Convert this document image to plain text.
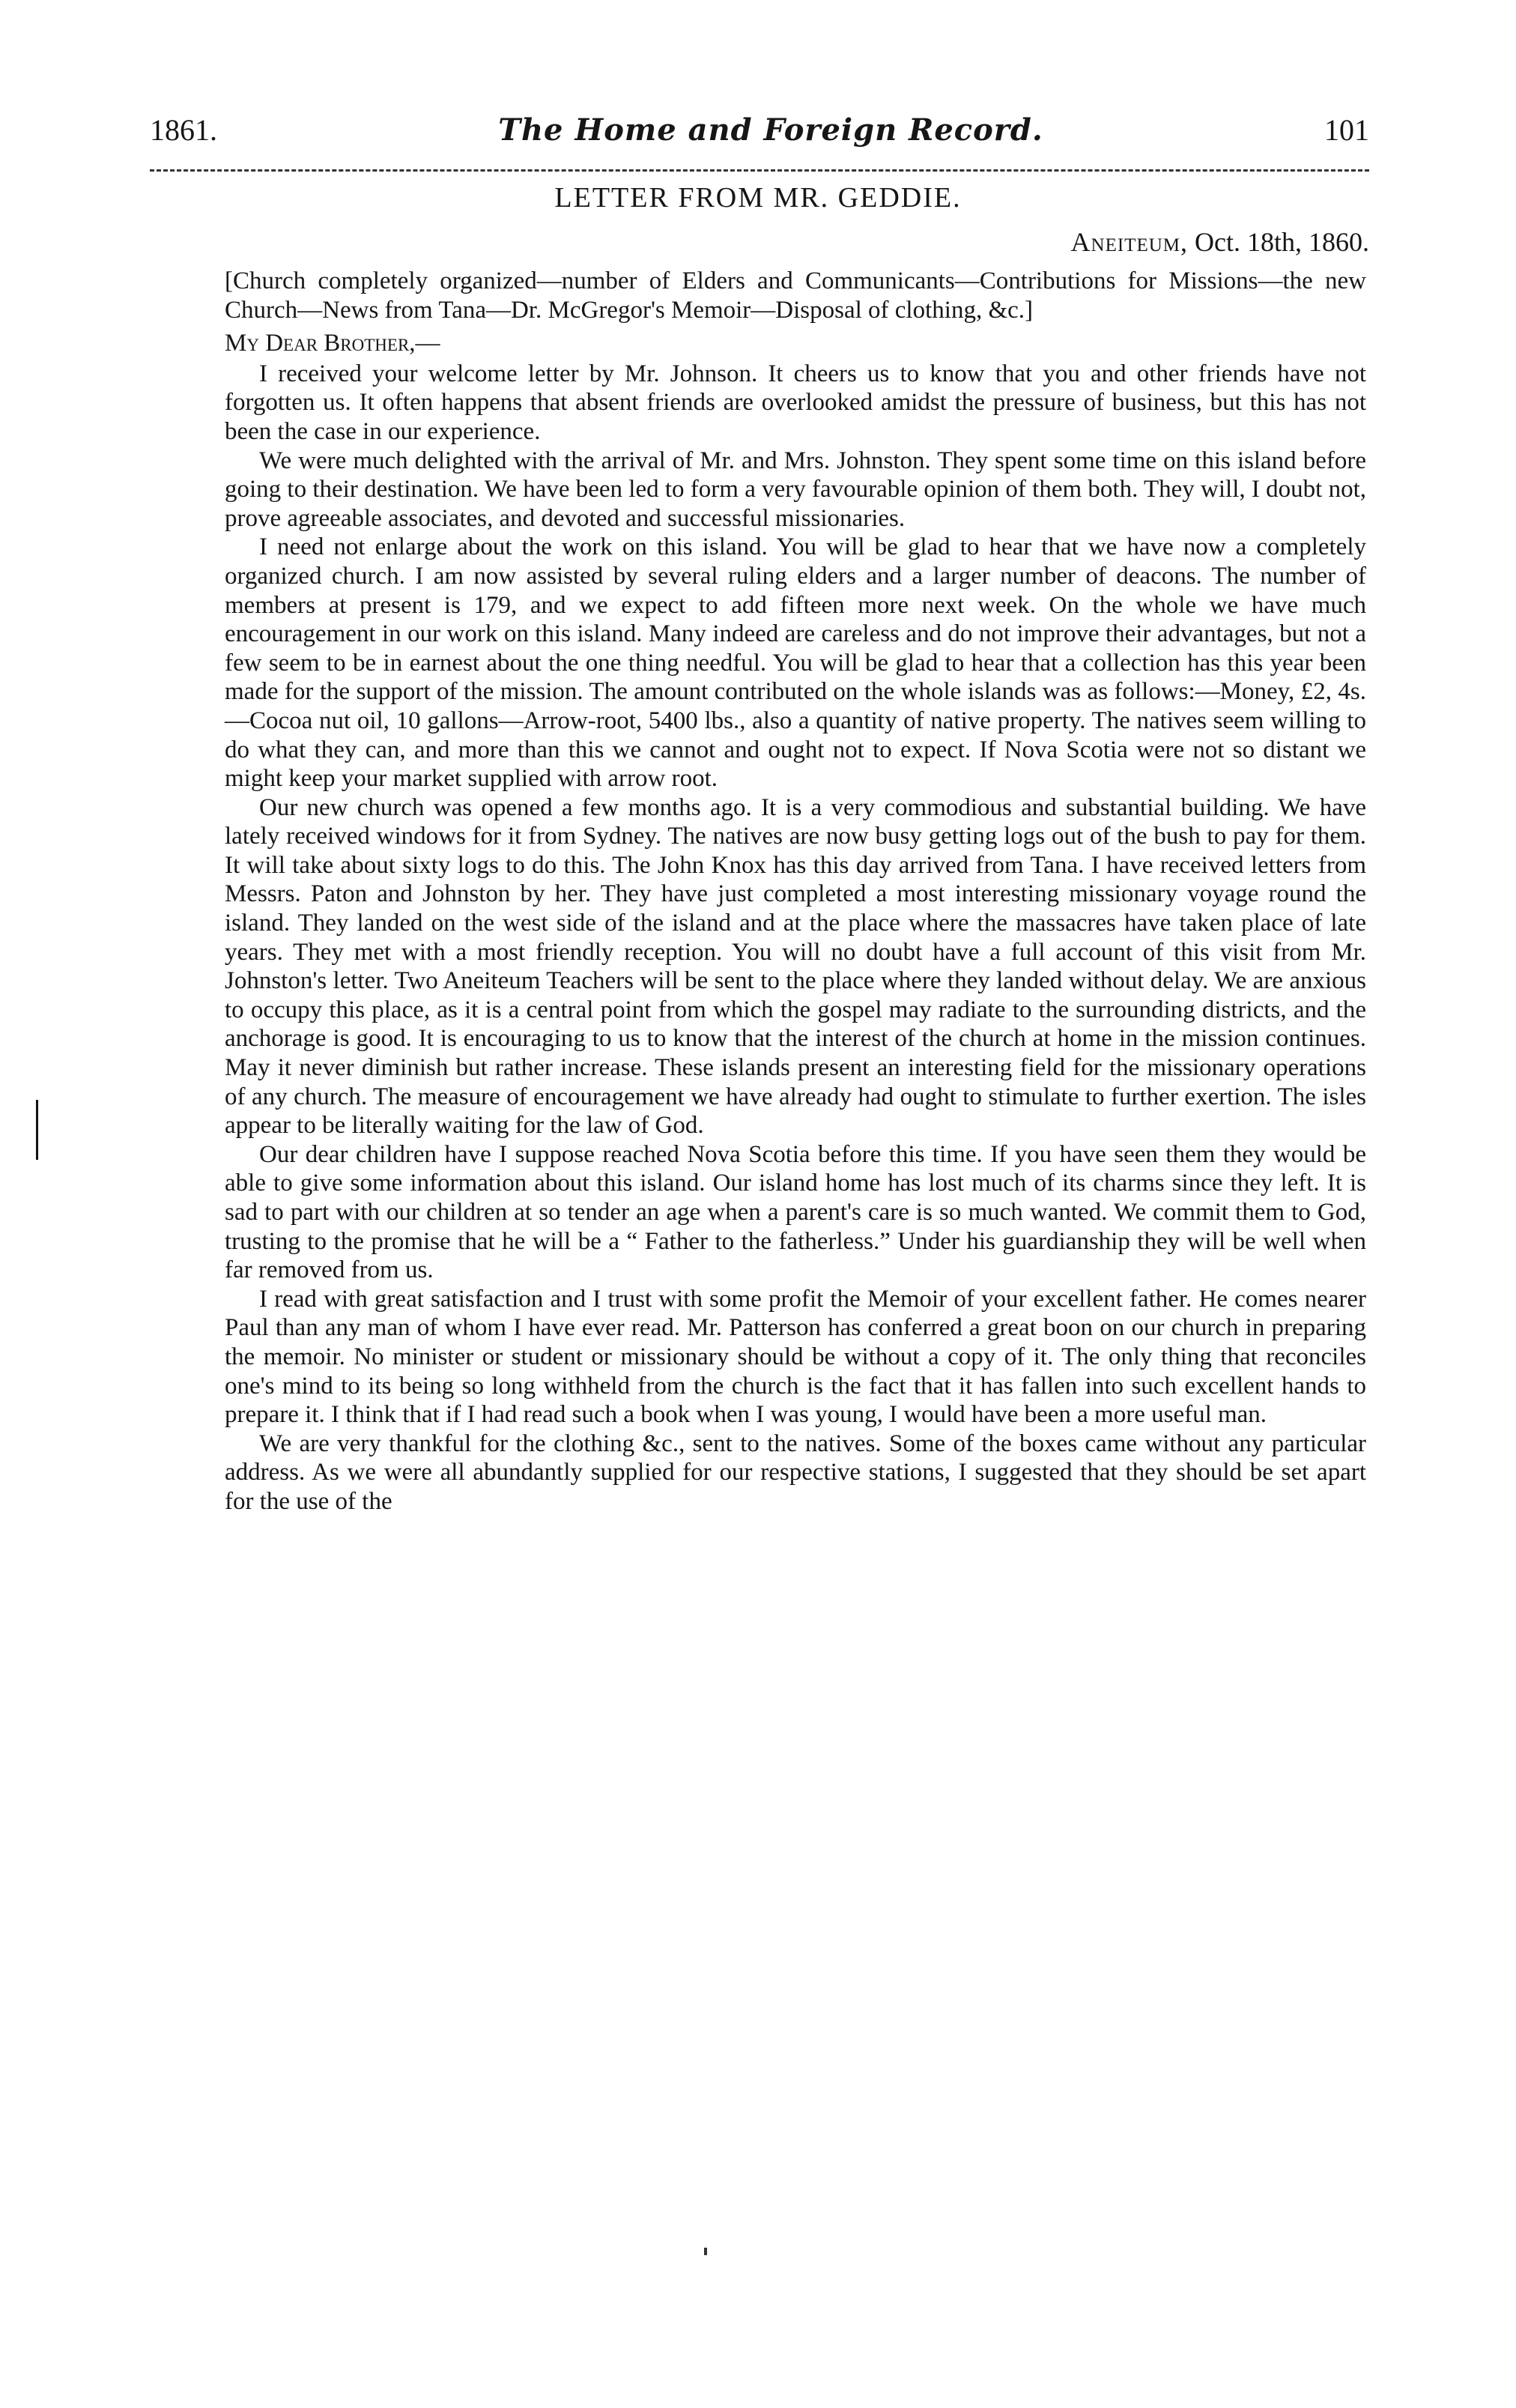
1861.	The Home and Foreign Record.	101
LETTER FROM MR. GEDDIE.
Aneiteum, Oct. 18th, 1860.

[Church completely organized—number of Elders and Communicants—Contributions for Missions—the new Church—News from Tana—Dr. McGregor's Memoir—Disposal of clothing, &c.]

My Dear Brother,—

I received your welcome letter by Mr. Johnson. It cheers us to know that you and other friends have not forgotten us. It often happens that absent friends are overlooked amidst the pressure of business, but this has not been the case in our experience.

We were much delighted with the arrival of Mr. and Mrs. Johnston. They spent some time on this island before going to their destination. We have been led to form a very favourable opinion of them both. They will, I doubt not, prove agreeable associates, and devoted and successful missionaries.

I need not enlarge about the work on this island. You will be glad to hear that we have now a completely organized church. I am now assisted by several ruling elders and a larger number of deacons. The number of members at present is 179, and we expect to add fifteen more next week. On the whole we have much encouragement in our work on this island. Many indeed are careless and do not improve their advantages, but not a few seem to be in earnest about the one thing needful. You will be glad to hear that a collection has this year been made for the support of the mission. The amount contributed on the whole islands was as follows:—Money, £2, 4s.—Cocoa nut oil, 10 gallons—Arrow-root, 5400 lbs., also a quantity of native property. The natives seem willing to do what they can, and more than this we cannot and ought not to expect. If Nova Scotia were not so distant we might keep your market supplied with arrow root.

Our new church was opened a few months ago. It is a very commodious and substantial building. We have lately received windows for it from Sydney. The natives are now busy getting logs out of the bush to pay for them. It will take about sixty logs to do this. The John Knox has this day arrived from Tana. I have received letters from Messrs. Paton and Johnston by her. They have just completed a most interesting missionary voyage round the island. They landed on the west side of the island and at the place where the massacres have taken place of late years. They met with a most friendly reception. You will no doubt have a full account of this visit from Mr. Johnston's letter. Two Aneiteum Teachers will be sent to the place where they landed without delay. We are anxious to occupy this place, as it is a central point from which the gospel may radiate to the surrounding districts, and the anchorage is good. It is encouraging to us to know that the interest of the church at home in the mission continues. May it never diminish but rather increase. These islands present an interesting field for the missionary operations of any church. The measure of encouragement we have already had ought to stimulate to further exertion. The isles appear to be literally waiting for the law of God.

Our dear children have I suppose reached Nova Scotia before this time. If you have seen them they would be able to give some information about this island. Our island home has lost much of its charms since they left. It is sad to part with our children at so tender an age when a parent's care is so much wanted. We commit them to God, trusting to the promise that he will be a “ Father to the fatherless.” Under his guardianship they will be well when far removed from us.

I read with great satisfaction and I trust with some profit the Memoir of your excellent father. He comes nearer Paul than any man of whom I have ever read. Mr. Patterson has conferred a great boon on our church in preparing the memoir. No minister or student or missionary should be without a copy of it. The only thing that reconciles one's mind to its being so long withheld from the church is the fact that it has fallen into such excellent hands to prepare it. I think that if I had read such a book when I was young, I would have been a more useful man.

We are very thankful for the clothing &c., sent to the natives. Some of the boxes came without any particular address. As we were all abundantly supplied for our respective stations, I suggested that they should be set apart for the use of the
